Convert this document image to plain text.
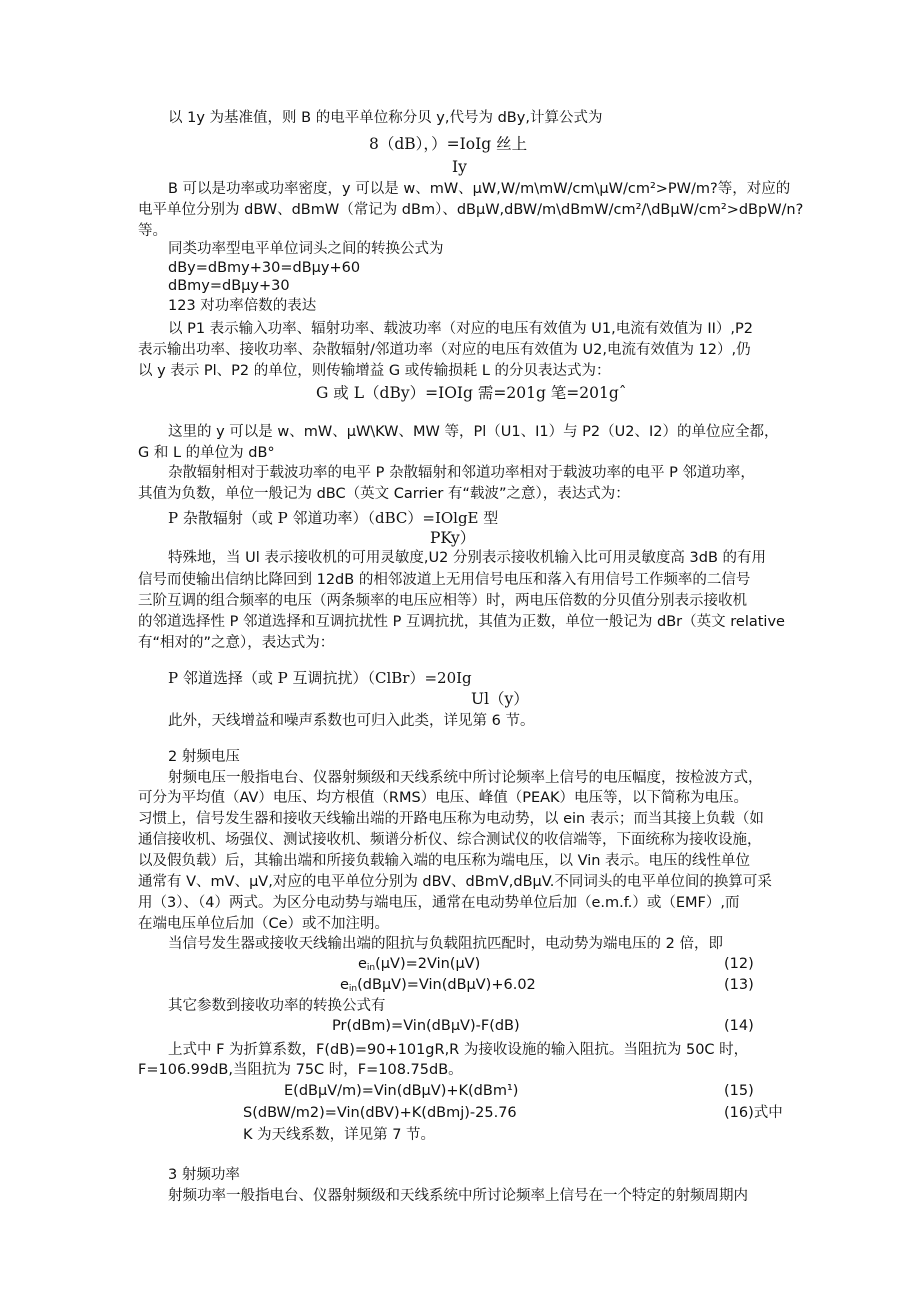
以 1y 为基准值，则 B 的电平单位称分贝 y,代号为 dBy,计算公式为
8（dB），）=IoIg 丝上
Iy
B 可以是功率或功率密度，y 可以是 w、mW、µW,W∕m\mW∕cm\µW∕cm²>PW/m?等，对应的
电平单位分别为 dBW、dBmW（常记为 dBm）、dBµW,dBW∕m\dBmW∕cm²∕\dBµW∕cm²>dBpW/n?
等。
同类功率型电平单位词头之间的转换公式为
dBy=dBmy+30=dBµy+60
dBmy=dBµy+30
123 对功率倍数的表达
以 P1 表示输入功率、辐射功率、载波功率（对应的电压有效值为 U1,电流有效值为 II）,P2
表示输出功率、接收功率、杂散辐射/邻道功率（对应的电压有效值为 U2,电流有效值为 12）,仍
以 y 表示 Pl、P2 的单位，则传输增益 G 或传输损耗 L 的分贝表达式为：
G 或 L（dBy）=IOIg 需=201g 笔=201gˆ
这里的 y 可以是 w、mW、µW\KW、MW 等，Pl（U1、I1）与 P2（U2、I2）的单位应全都，
G 和 L 的单位为 dB°
杂散辐射相对于载波功率的电平 P 杂散辐射和邻道功率相对于载波功率的电平 P 邻道功率，
其值为负数，单位一般记为 dBC（英文 Carrier 有“载波”之意），表达式为：
P 杂散辐射（或 P 邻道功率）（dBC）=IOlgE 型
PKy）
特殊地，当 Ul 表示接收机的可用灵敏度,U2 分别表示接收机输入比可用灵敏度高 3dB 的有用
信号而使输出信纳比降回到 12dB 的相邻波道上无用信号电压和落入有用信号工作频率的二信号
三阶互调的组合频率的电压（两条频率的电压应相等）时，两电压倍数的分贝值分别表示接收机
的邻道选择性 P 邻道选择和互调抗扰性 P 互调抗扰，其值为正数，单位一般记为 dBr（英文 relative
有“相对的”之意），表达式为：
P 邻道选择（或 P 互调抗扰）（ClBr）=20Ig
Ul（y）
此外，天线增益和噪声系数也可归入此类，详见第 6 节。
2 射频电压
射频电压一般指电台、仪器射频级和天线系统中所讨论频率上信号的电压幅度，按检波方式，
可分为平均值（AV）电压、均方根值（RMS）电压、峰值（PEAK）电压等，以下简称为电压。
习惯上，信号发生器和接收天线输出端的开路电压称为电动势，以 ein 表示；而当其接上负载（如
通信接收机、场强仪、测试接收机、频谱分析仪、综合测试仪的收信端等，下面统称为接收设施，
以及假负载）后，其输出端和所接负载输入端的电压称为端电压，以 Vin 表示。电压的线性单位
通常有 V、mV、µV,对应的电平单位分别为 dBV、dBmV,dBµV.不同词头的电平单位间的换算可采
用（3）、（4）两式。为区分电动势与端电压，通常在电动势单位后加（e.m.f.）或（EMF）,而
在端电压单位后加（Ce）或不加注明。
当信号发生器或接收天线输出端的阻抗与负载阻抗匹配时，电动势为端电压的 2 倍，即
$e_{in}(\mu V)=2Vin(\mu V)$	(12)
$e_{in}(dB\mu V)=Vin(dB\mu V)+6.02$	(13)
其它参数到接收功率的转换公式有
Pr(dBm)=Vin(dBµV)-F(dB)	(14)
上式中 F 为折算系数，F(dB)=90+101gR,R 为接收设施的输入阻抗。当阻抗为 50C 时，
F=106.99dB,当阻抗为 75C 时，F=108.75dB。
E(dBµV∕m)=Vin(dBµV)+K(dBm¹)	(15)
S(dBW∕m2)=Vin(dBV)+K(dBmj)-25.76	(16)式中
K 为天线系数，详见第 7 节。
3 射频功率
射频功率一般指电台、仪器射频级和天线系统中所讨论频率上信号在一个特定的射频周期内
